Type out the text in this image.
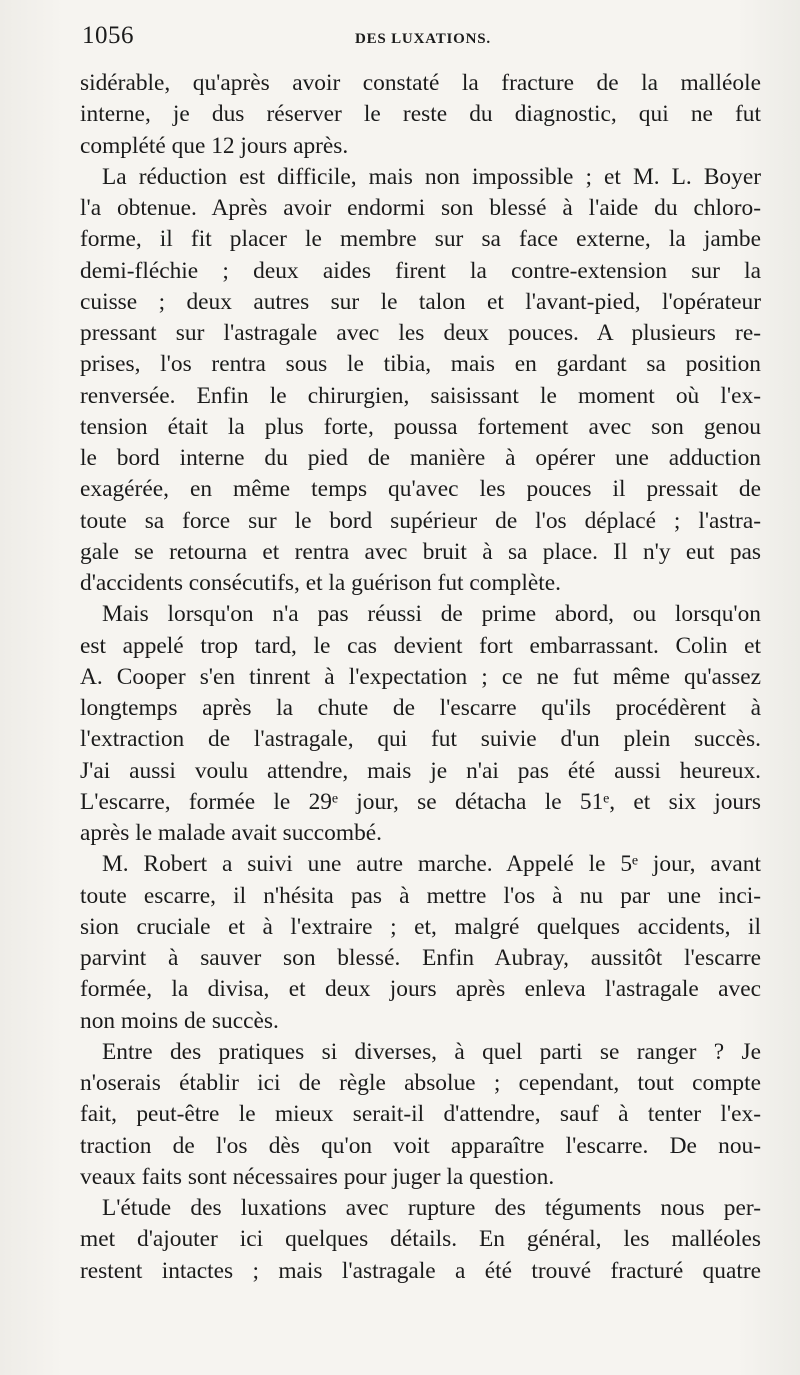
1056	DES LUXATIONS.
sidérable, qu'après avoir constaté la fracture de la malléole
interne, je dus réserver le reste du diagnostic, qui ne fut
complété que 12 jours après.
La réduction est difficile, mais non impossible ; et M. L. Boyer
l'a obtenue. Après avoir endormi son blessé à l'aide du chloro-
forme, il fit placer le membre sur sa face externe, la jambe
demi-fléchie ; deux aides firent la contre-extension sur la
cuisse ; deux autres sur le talon et l'avant-pied, l'opérateur
pressant sur l'astragale avec les deux pouces. A plusieurs re-
prises, l'os rentra sous le tibia, mais en gardant sa position
renversée. Enfin le chirurgien, saisissant le moment où l'ex-
tension était la plus forte, poussa fortement avec son genou
le bord interne du pied de manière à opérer une adduction
exagérée, en même temps qu'avec les pouces il pressait de
toute sa force sur le bord supérieur de l'os déplacé ; l'astra-
gale se retourna et rentra avec bruit à sa place. Il n'y eut pas
d'accidents consécutifs, et la guérison fut complète.
Mais lorsqu'on n'a pas réussi de prime abord, ou lorsqu'on
est appelé trop tard, le cas devient fort embarrassant. Colin et
A. Cooper s'en tinrent à l'expectation ; ce ne fut même qu'assez
longtemps après la chute de l'escarre qu'ils procédèrent à
l'extraction de l'astragale, qui fut suivie d'un plein succès.
J'ai aussi voulu attendre, mais je n'ai pas été aussi heureux.
L'escarre, formée le 29ᵉ jour, se détacha le 51ᵉ, et six jours
après le malade avait succombé.
M. Robert a suivi une autre marche. Appelé le 5ᵉ jour, avant
toute escarre, il n'hésita pas à mettre l'os à nu par une inci-
sion cruciale et à l'extraire ; et, malgré quelques accidents, il
parvint à sauver son blessé. Enfin Aubray, aussitôt l'escarre
formée, la divisa, et deux jours après enleva l'astragale avec
non moins de succès.
Entre des pratiques si diverses, à quel parti se ranger ? Je
n'oserais établir ici de règle absolue ; cependant, tout compte
fait, peut-être le mieux serait-il d'attendre, sauf à tenter l'ex-
traction de l'os dès qu'on voit apparaître l'escarre. De nou-
veaux faits sont nécessaires pour juger la question.
L'étude des luxations avec rupture des téguments nous per-
met d'ajouter ici quelques détails. En général, les malléoles
restent intactes ; mais l'astragale a été trouvé fracturé quatre
